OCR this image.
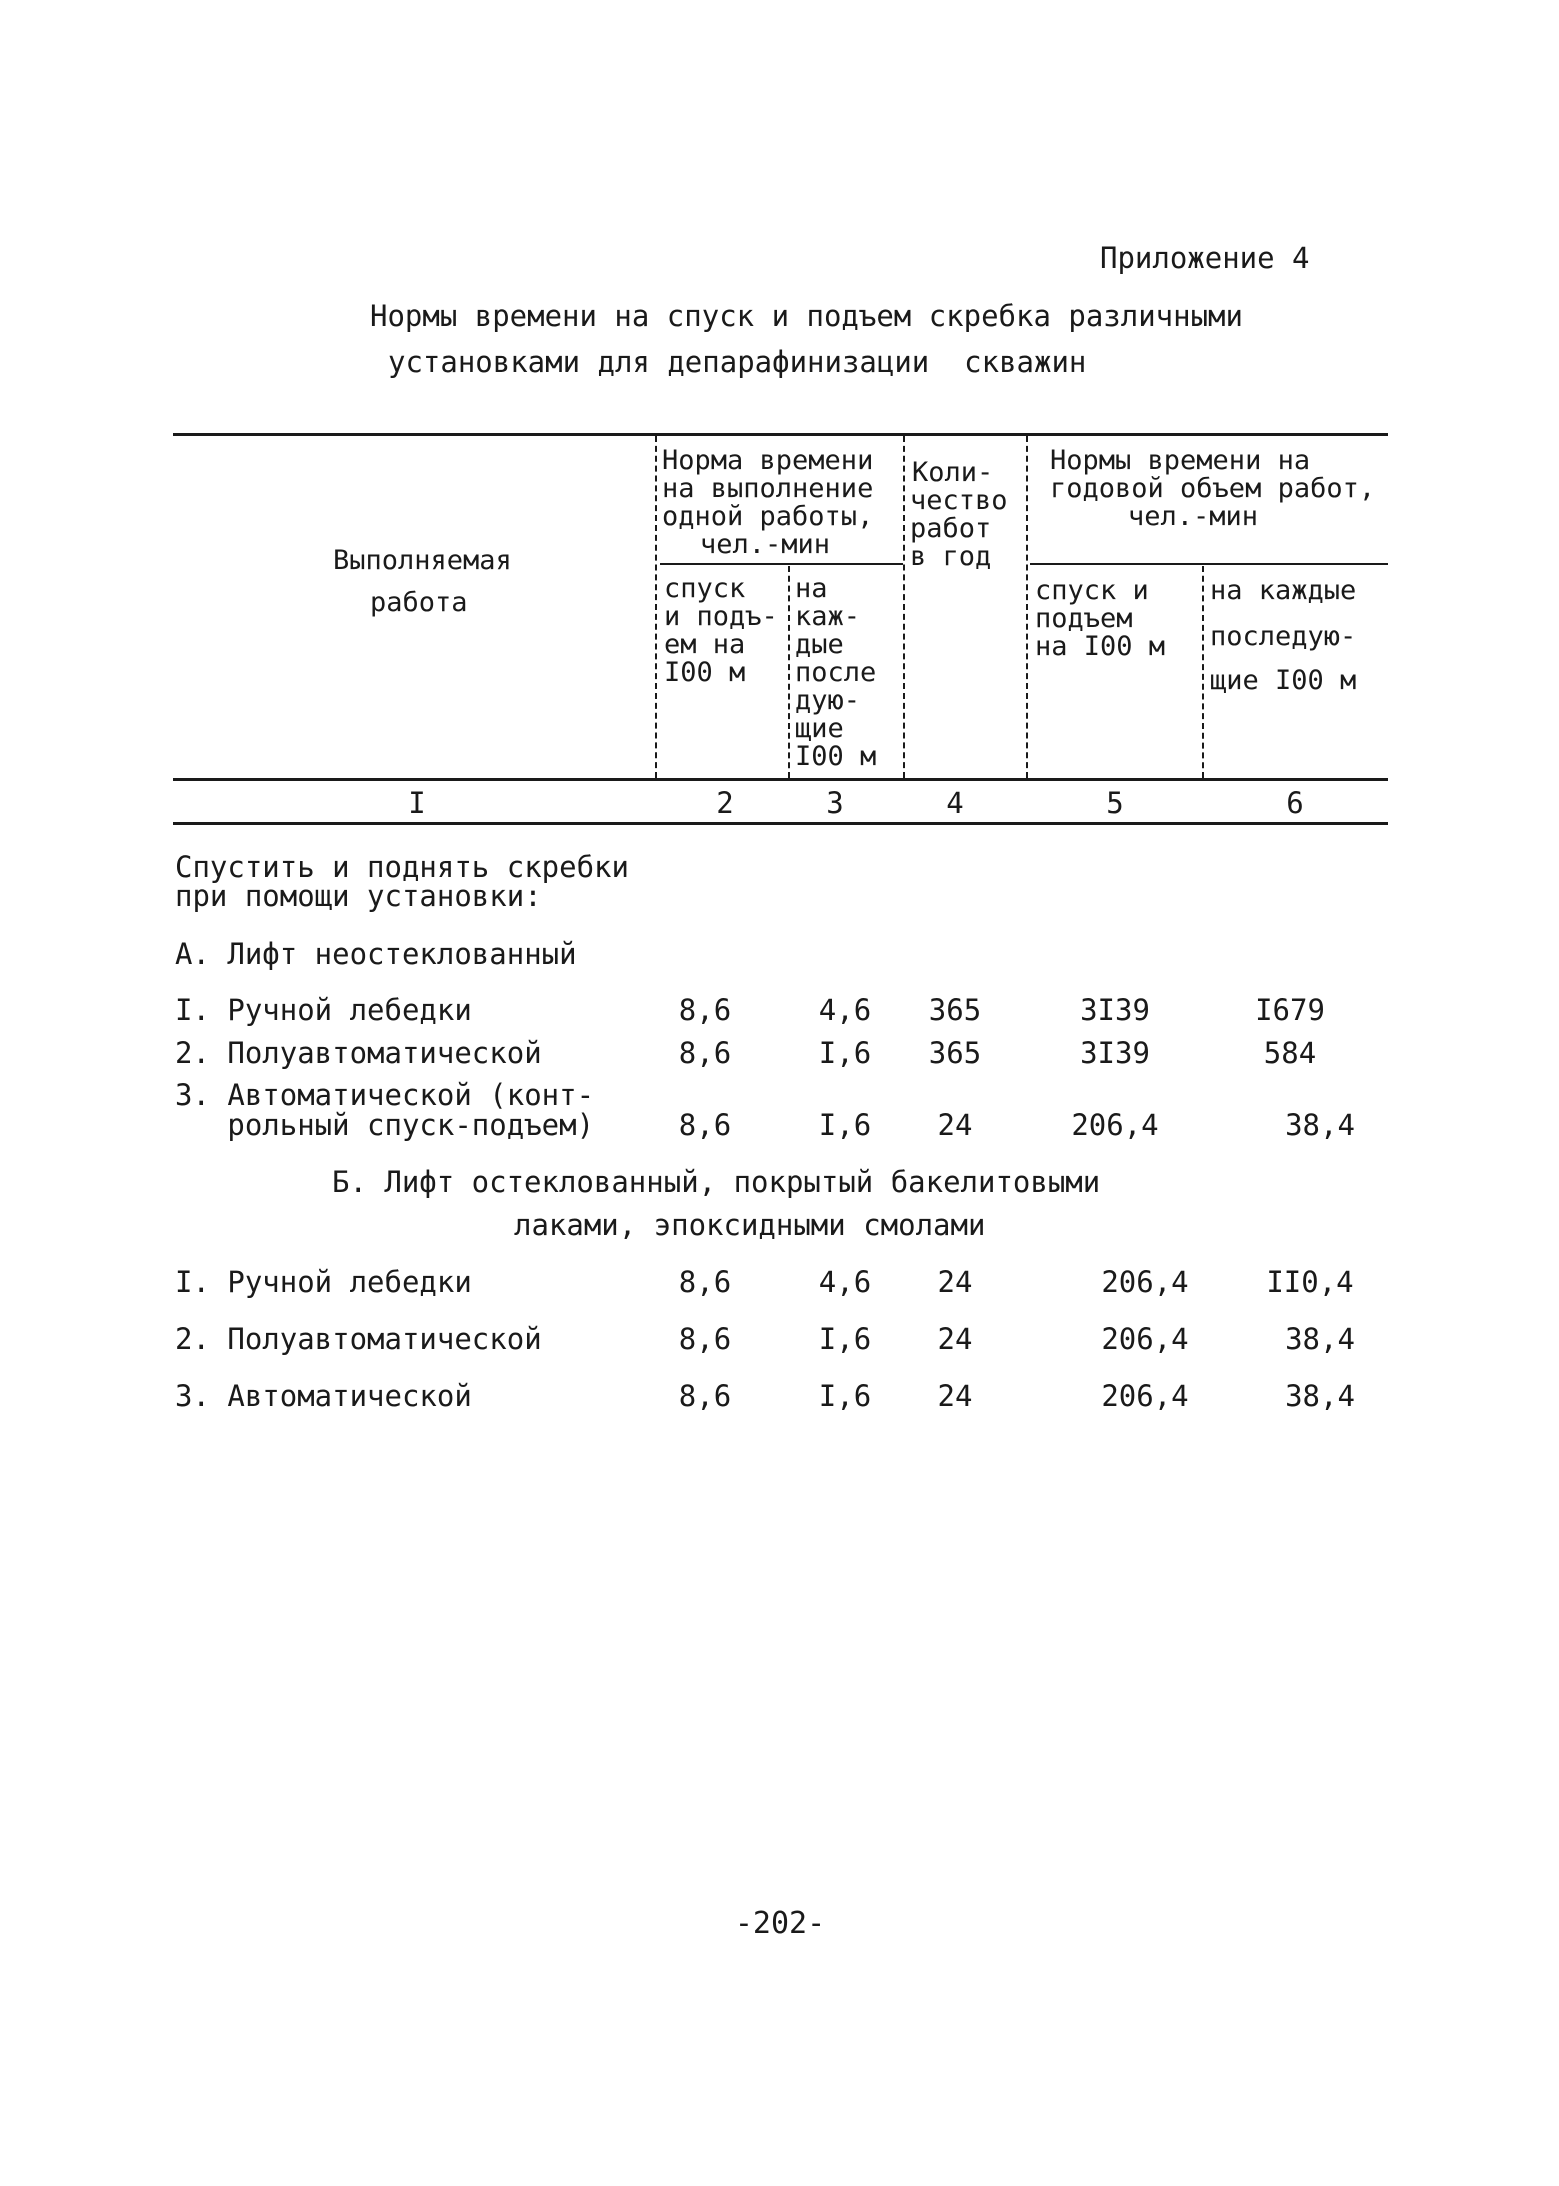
Приложение 4
Нормы времени на спуск и подъем скребка различными
установками для депарафинизации  скважин
Выполняемая
работа
Норма времени
на выполнение
одной работы,
чел.-мин
спуск
и подъ-
ем на
I00 м
на
каж-
дые
после
дую-
щие
I00 м
Коли-
чество
работ
в год
Нормы времени на
годовой объем работ,
чел.-мин
спуск и
подъем
на I00 м
на каждые
последую-
щие I00 м
I	2	3	4	5	6
Спустить и поднять скребки
при помощи установки:
А. Лифт неостеклованный
I. Ручной лебедки	8,6	4,6	365	3I39	I679
2. Полуавтоматической	8,6	I,6	365	3I39	584
3. Автоматической (конт-
рольный спуск-подъем)	8,6	I,6	24	206,4	38,4
Б. Лифт остеклованный, покрытый бакелитовыми
лаками, эпоксидными смолами
I. Ручной лебедки	8,6	4,6	24	206,4	II0,4
2. Полуавтоматической	8,6	I,6	24	206,4	38,4
3. Автоматической	8,6	I,6	24	206,4	38,4
-202-
